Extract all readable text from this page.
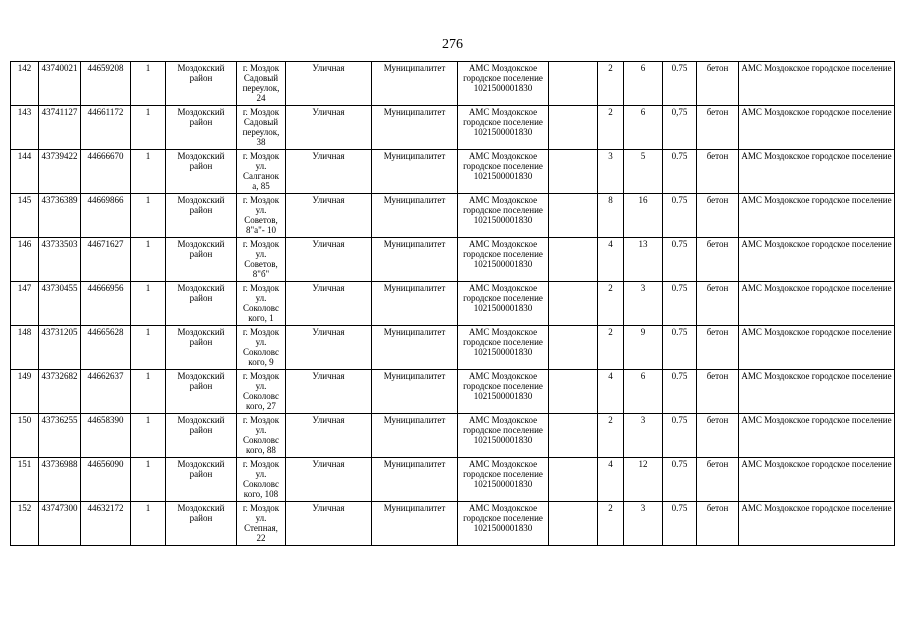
276
142	43740021	44659208	1	Моздокский район	г. Моздок Садовый переулок, 24	Уличная	Муниципалитет	АМС Моздокское городское поселение 1021500001830		2	6	0.75	бетон	АМС Моздокское городское поселение
143	43741127	44661172	1	Моздокский район	г. Моздок Садовый переулок, 38	Уличная	Муниципалитет	АМС Моздокское городское поселение 1021500001830		2	6	0,75	бетон	АМС Моздокское городское поселение
144	43739422	44666670	1	Моздокский район	г. Моздок ул. Салганок а, 85	Уличная	Муниципалитет	АМС Моздокское городское поселение 1021500001830		3	5	0.75	бетон	АМС Моздокское городское поселение
145	43736389	44669866	1	Моздокский район	г. Моздок ул. Советов, 8"а"- 10	Уличная	Муниципалитет	АМС Моздокское городское поселение 1021500001830		8	16	0.75	бетон	АМС Моздокское городское поселение
146	43733503	44671627	1	Моздокский район	г. Моздок ул. Советов, 8"б"	Уличная	Муниципалитет	АМС Моздокское городское поселение 1021500001830		4	13	0.75	бетон	АМС Моздокское городское поселение
147	43730455	44666956	1	Моздокский район	г. Моздок ул. Соколовс кого, 1	Уличная	Муниципалитет	АМС Моздокское городское поселение 1021500001830		2	3	0.75	бетон	АМС Моздокское городское поселение
148	43731205	44665628	1	Моздокский район	г. Моздок ул. Соколовс кого, 9	Уличная	Муниципалитет	АМС Моздокское городское поселение 1021500001830		2	9	0.75	бетон	АМС Моздокское городское поселение
149	43732682	44662637	1	Моздокский район	г. Моздок ул. Соколовс кого, 27	Уличная	Муниципалитет	АМС Моздокское городское поселение 1021500001830		4	6	0.75	бетон	АМС Моздокское городское поселение
150	43736255	44658390	1	Моздокский район	г. Моздок ул. Соколовс кого, 88	Уличная	Муниципалитет	АМС Моздокское городское поселение 1021500001830		2	3	0.75	бетон	АМС Моздокское городское поселение
151	43736988	44656090	1	Моздокский район	г. Моздок ул. Соколовс кого, 108	Уличная	Муниципалитет	АМС Моздокское городское поселение 1021500001830		4	12	0.75	бетон	АМС Моздокское городское поселение
152	43747300	44632172	1	Моздокский район	г. Моздок ул. Степная, 22	Уличная	Муниципалитет	АМС Моздокское городское поселение 1021500001830		2	3	0.75	бетон	АМС Моздокское городское поселение
